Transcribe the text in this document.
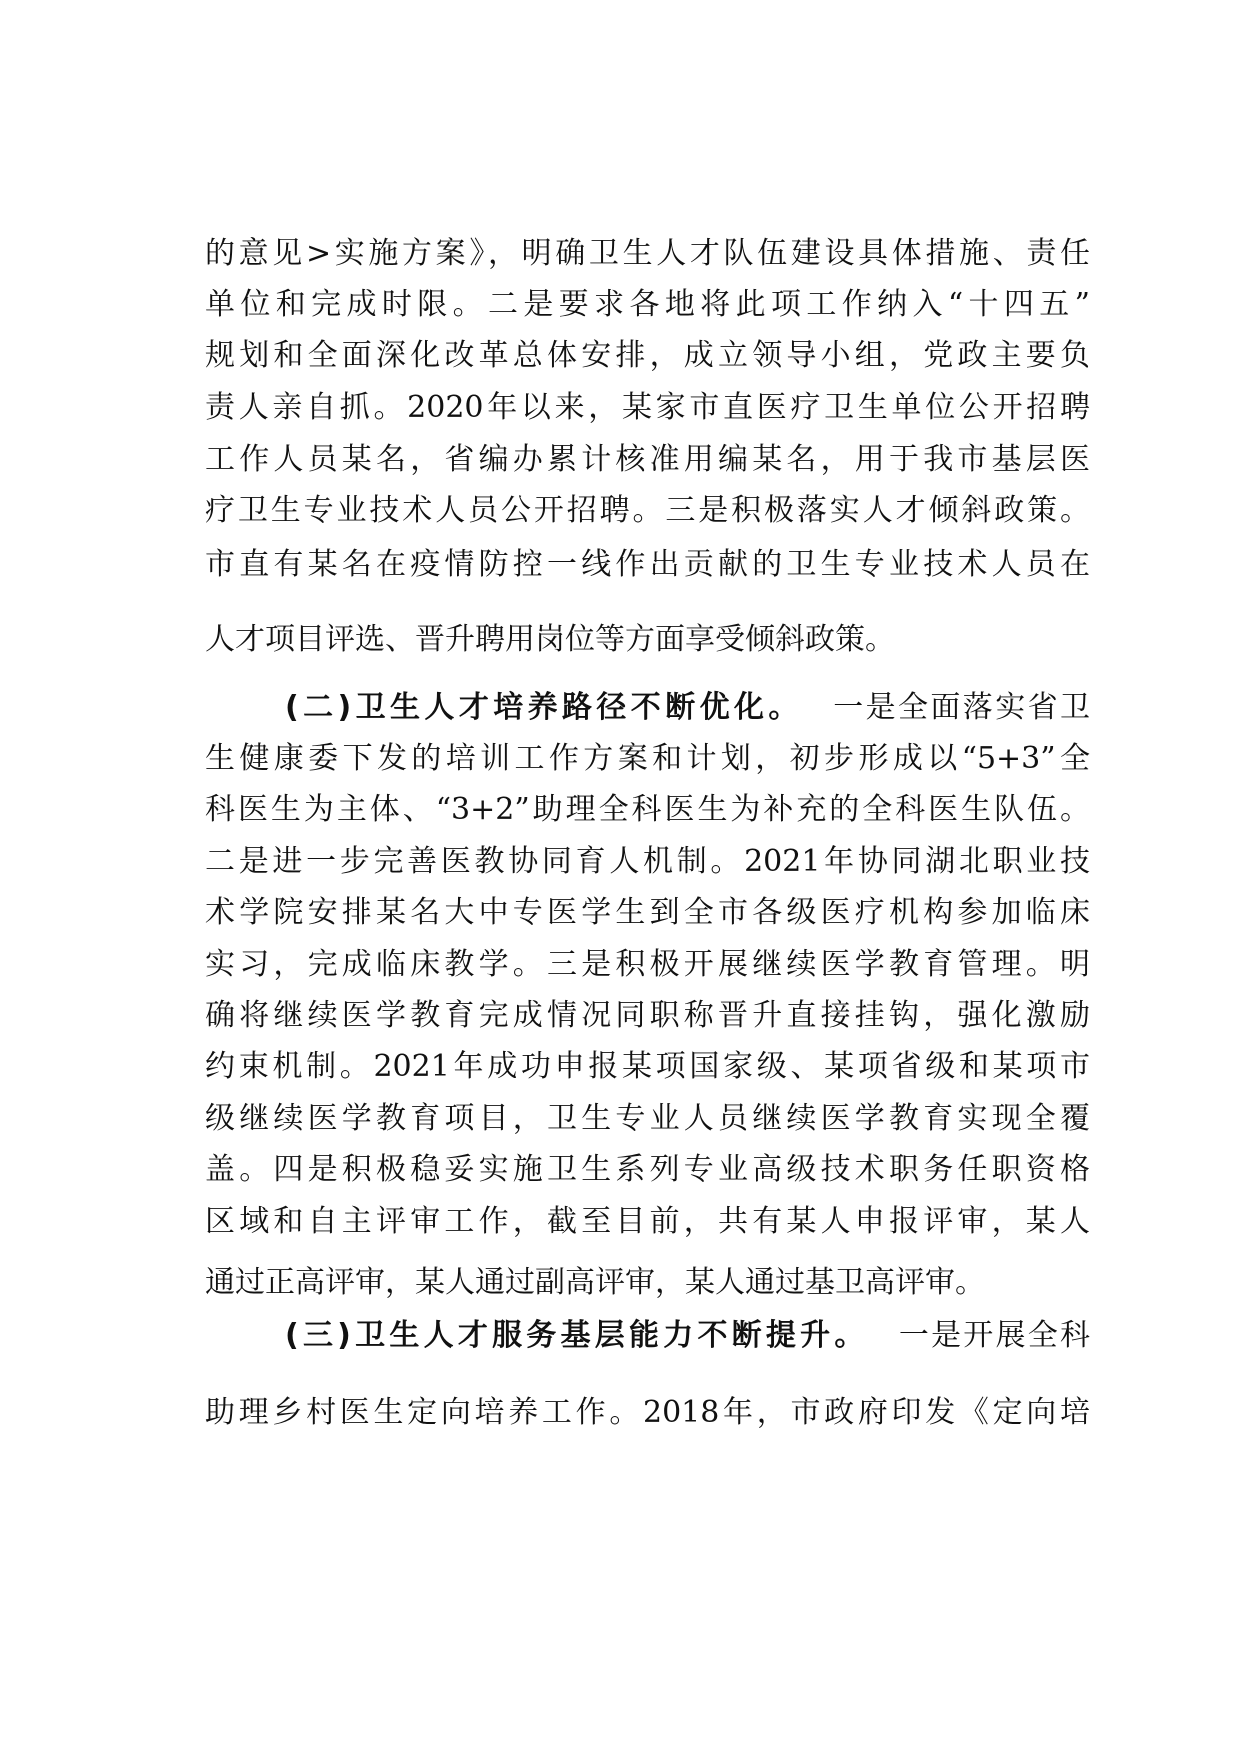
的意见>实施方案》，明确卫生人才队伍建设具体措施、责任
单位和完成时限。二是要求各地将此项工作纳入“十四五”
规划和全面深化改革总体安排，成立领导小组，党政主要负
责人亲自抓。2020年以来，某家市直医疗卫生单位公开招聘
工作人员某名，省编办累计核准用编某名，用于我市基层医
疗卫生专业技术人员公开招聘。三是积极落实人才倾斜政策。
市直有某名在疫情防控一线作出贡献的卫生专业技术人员在
人才项目评选、晋升聘用岗位等方面享受倾斜政策。
(二)卫生人才培养路径不断优化。 一是全面落实省卫
生健康委下发的培训工作方案和计划，初步形成以“5+3”全
科医生为主体、“3+2”助理全科医生为补充的全科医生队伍。
二是进一步完善医教协同育人机制。2021年协同湖北职业技
术学院安排某名大中专医学生到全市各级医疗机构参加临床
实习，完成临床教学。三是积极开展继续医学教育管理。明
确将继续医学教育完成情况同职称晋升直接挂钩，强化激励
约束机制。2021年成功申报某项国家级、某项省级和某项市
级继续医学教育项目，卫生专业人员继续医学教育实现全覆
盖。四是积极稳妥实施卫生系列专业高级技术职务任职资格
区域和自主评审工作，截至目前，共有某人申报评审，某人
通过正高评审，某人通过副高评审，某人通过基卫高评审。
(三)卫生人才服务基层能力不断提升。 一是开展全科
助理乡村医生定向培养工作。2018年，市政府印发《定向培
